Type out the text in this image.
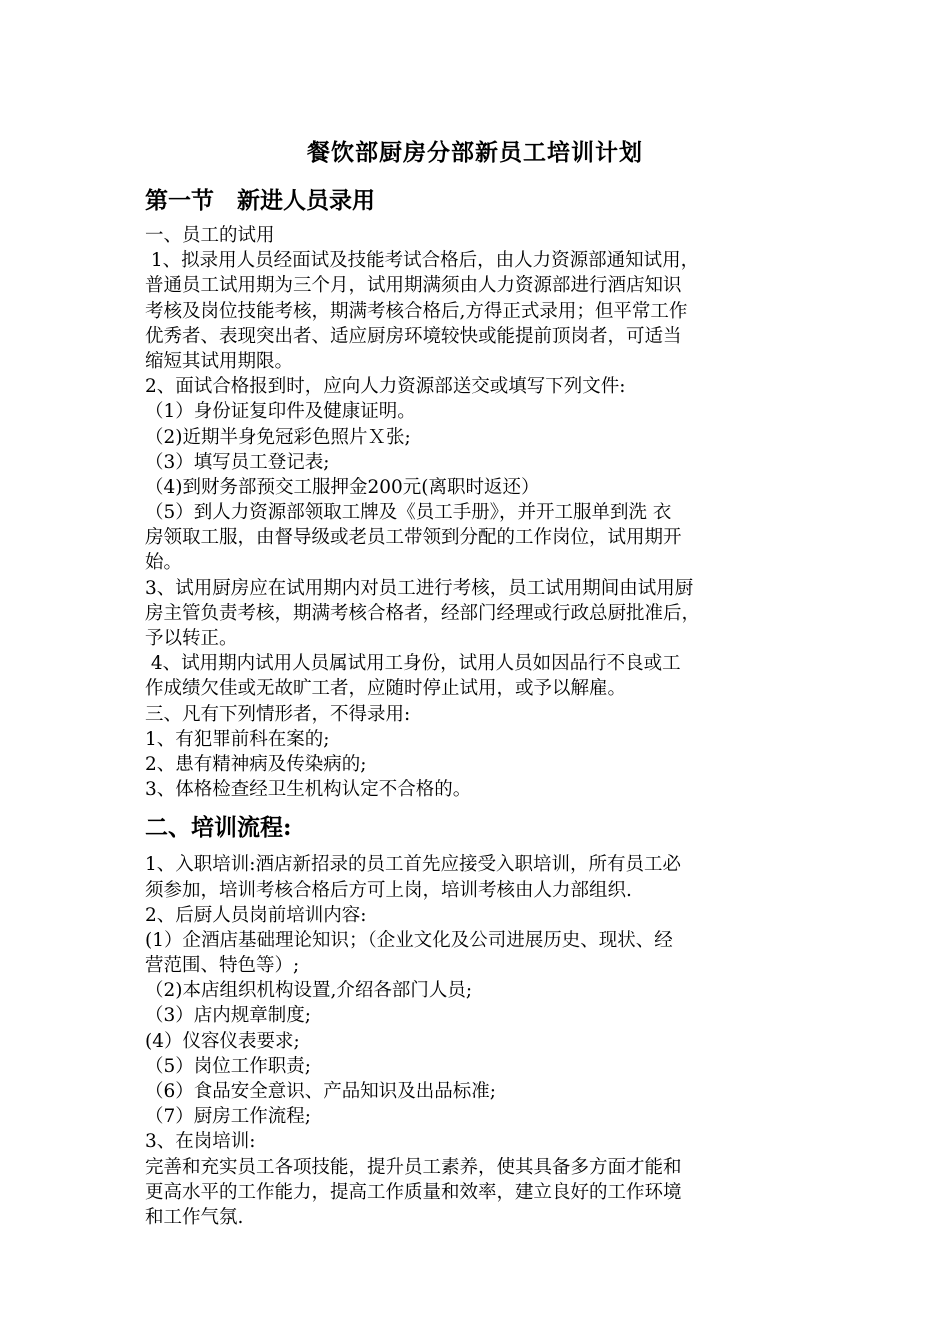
餐饮部厨房分部新员工培训计划
第一节　新进人员录用
一、员工的试用
1、拟录用人员经面试及技能考试合格后，由人力资源部通知试用，
普通员工试用期为三个月，试用期满须由人力资源部进行酒店知识
考核及岗位技能考核，期满考核合格后,方得正式录用；但平常工作
优秀者、表现突出者、适应厨房环境较快或能提前顶岗者，可适当
缩短其试用期限。
2、面试合格报到时，应向人力资源部送交或填写下列文件:
（1）身份证复印件及健康证明。
（2)近期半身免冠彩色照片Ｘ张;
（3）填写员工登记表;
（4)到财务部预交工服押金200元(离职时返还）
（5）到人力资源部领取工牌及《员工手册》，并开工服单到洗 衣
房领取工服，由督导级或老员工带领到分配的工作岗位，试用期开
始。
3、试用厨房应在试用期内对员工进行考核，员工试用期间由试用厨
房主管负责考核，期满考核合格者，经部门经理或行政总厨批准后，
予以转正。
4、试用期内试用人员属试用工身份，试用人员如因品行不良或工
作成绩欠佳或无故旷工者，应随时停止试用，或予以解雇。
三、凡有下列情形者，不得录用:
1、有犯罪前科在案的;
2、患有精神病及传染病的;
3、体格检查经卫生机构认定不合格的。
二、培训流程:
1、入职培训:酒店新招录的员工首先应接受入职培训，所有员工必
须参加，培训考核合格后方可上岗，培训考核由人力部组织.
2、后厨人员岗前培训内容:
(1）企酒店基础理论知识；（企业文化及公司进展历史、现状、经
营范围、特色等）;
（2)本店组织机构设置,介绍各部门人员;
（3）店内规章制度;
(4）仪容仪表要求;
（5）岗位工作职责;
（6）食品安全意识、产品知识及出品标准;
（7）厨房工作流程;
3、在岗培训:
完善和充实员工各项技能，提升员工素养，使其具备多方面才能和
更高水平的工作能力，提高工作质量和效率，建立良好的工作环境
和工作气氛.
